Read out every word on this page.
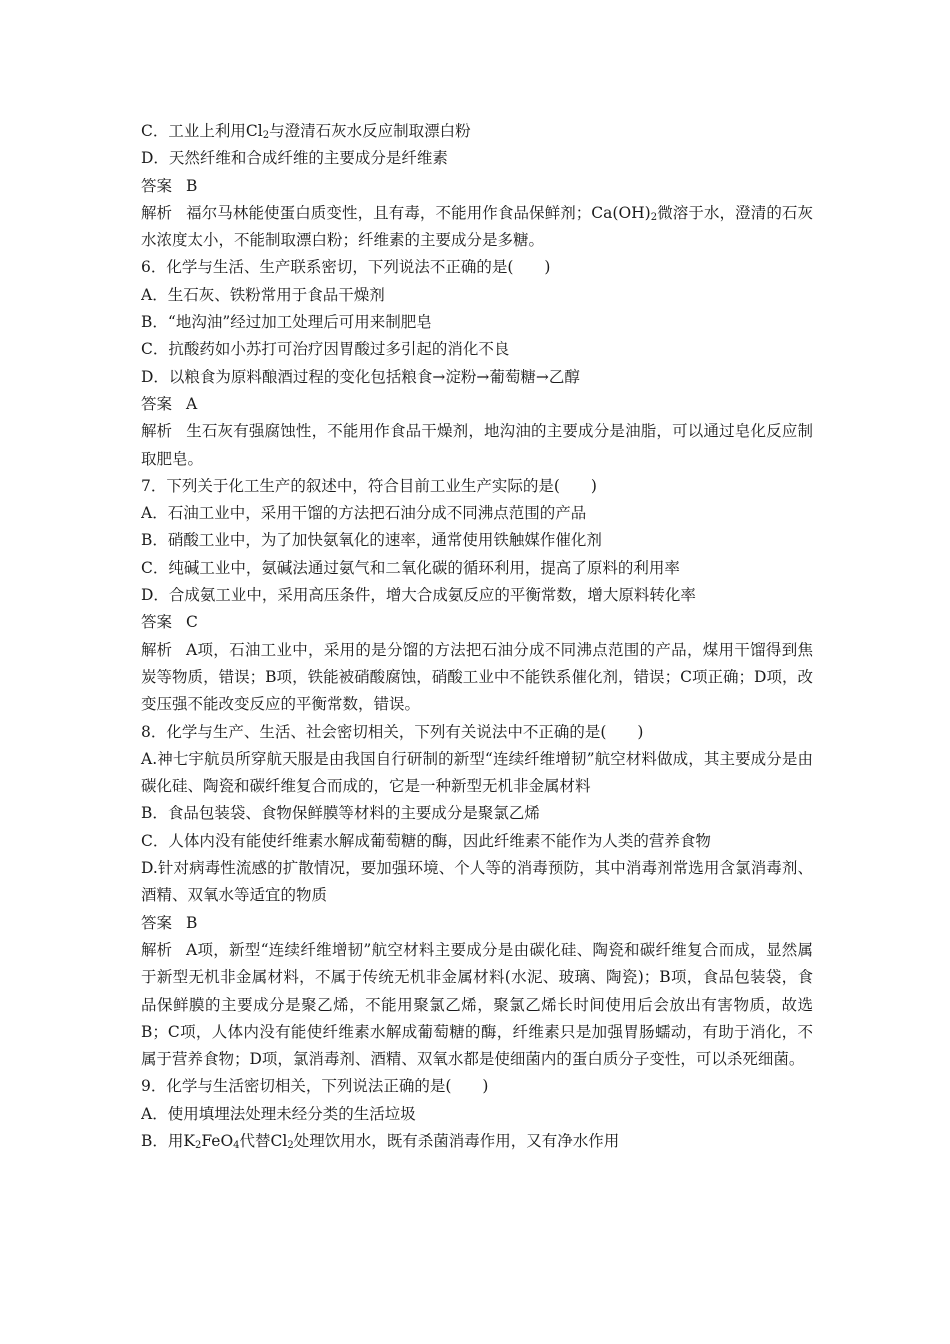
C．工业上利用$Cl_2$与澄清石灰水反应制取漂白粉
D．天然纤维和合成纤维的主要成分是纤维素
答案 B
解析 福尔马林能使蛋白质变性，且有毒，不能用作食品保鲜剂；$Ca(OH)_2$微溶于水，澄清的石灰水浓度太小，不能制取漂白粉；纤维素的主要成分是多糖。
6．化学与生活、生产联系密切，下列说法不正确的是(　　)
A．生石灰、铁粉常用于食品干燥剂
B．“地沟油”经过加工处理后可用来制肥皂
C．抗酸药如小苏打可治疗因胃酸过多引起的消化不良
D．以粮食为原料酿酒过程的变化包括粮食→淀粉→葡萄糖→乙醇
答案 A
解析 生石灰有强腐蚀性，不能用作食品干燥剂，地沟油的主要成分是油脂，可以通过皂化反应制取肥皂。
7．下列关于化工生产的叙述中，符合目前工业生产实际的是(　　)
A．石油工业中，采用干馏的方法把石油分成不同沸点范围的产品
B．硝酸工业中，为了加快氨氧化的速率，通常使用铁触媒作催化剂
C．纯碱工业中，氨碱法通过氨气和二氧化碳的循环利用，提高了原料的利用率
D．合成氨工业中，采用高压条件，增大合成氨反应的平衡常数，增大原料转化率
答案 C
解析 A项，石油工业中，采用的是分馏的方法把石油分成不同沸点范围的产品，煤用干馏得到焦炭等物质，错误；B项，铁能被硝酸腐蚀，硝酸工业中不能铁系催化剂，错误；C项正确；D项，改变压强不能改变反应的平衡常数，错误。
8．化学与生产、生活、社会密切相关，下列有关说法中不正确的是(　　)
A.神七宇航员所穿航天服是由我国自行研制的新型“连续纤维增韧”航空材料做成，其主要成分是由碳化硅、陶瓷和碳纤维复合而成的，它是一种新型无机非金属材料
B．食品包装袋、食物保鲜膜等材料的主要成分是聚氯乙烯
C．人体内没有能使纤维素水解成葡萄糖的酶，因此纤维素不能作为人类的营养食物
D.针对病毒性流感的扩散情况，要加强环境、个人等的消毒预防，其中消毒剂常选用含氯消毒剂、酒精、双氧水等适宜的物质
答案 B
解析 A项，新型“连续纤维增韧”航空材料主要成分是由碳化硅、陶瓷和碳纤维复合而成，显然属于新型无机非金属材料，不属于传统无机非金属材料(水泥、玻璃、陶瓷)；B项，食品包装袋，食品保鲜膜的主要成分是聚乙烯，不能用聚氯乙烯，聚氯乙烯长时间使用后会放出有害物质，故选B；C项，人体内没有能使纤维素水解成葡萄糖的酶，纤维素只是加强胃肠蠕动，有助于消化，不属于营养食物；D项，氯消毒剂、酒精、双氧水都是使细菌内的蛋白质分子变性，可以杀死细菌。
9．化学与生活密切相关，下列说法正确的是(　　)
A．使用填埋法处理未经分类的生活垃圾
B．用$K_2FeO_4$代替$Cl_2$处理饮用水，既有杀菌消毒作用，又有净水作用
